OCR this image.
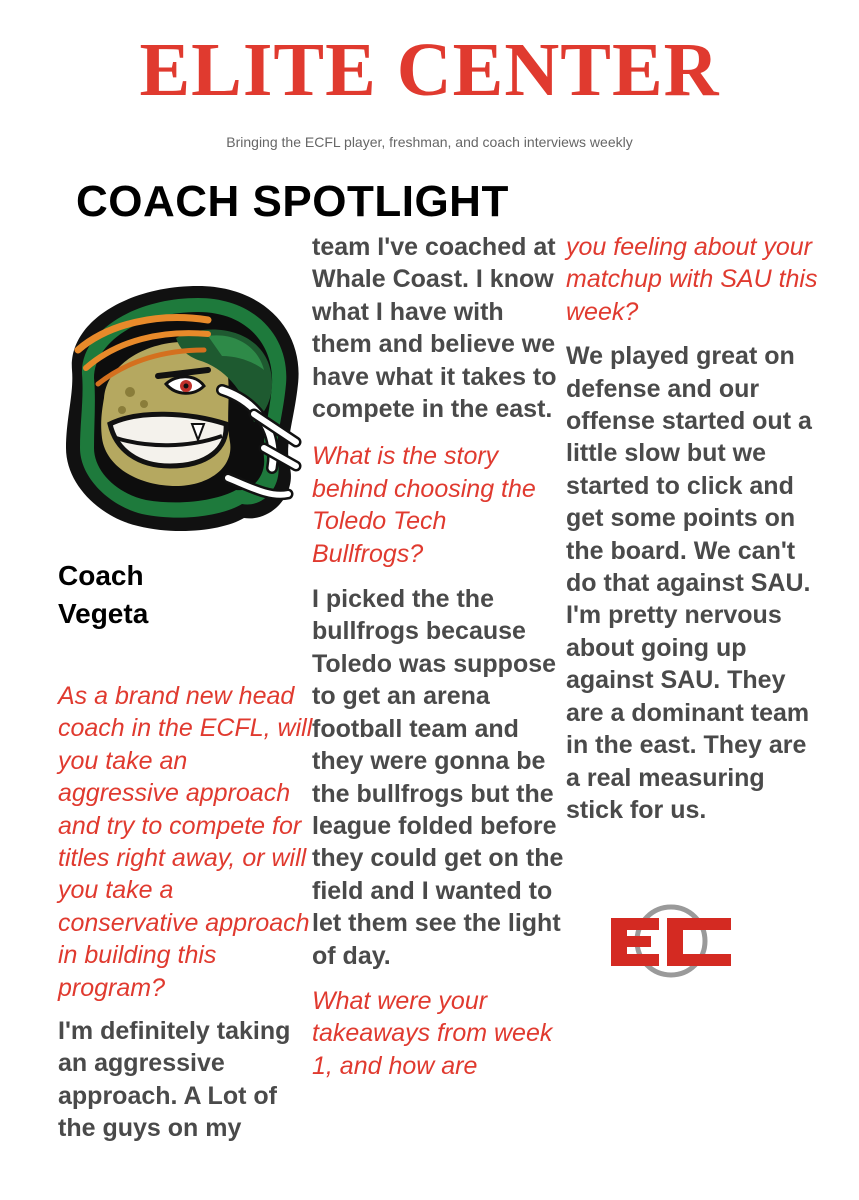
ELITE CENTER
Bringing the ECFL player, freshman, and coach interviews weekly
COACH SPOTLIGHT
Coach
Vegeta

As a brand new head coach in the ECFL, will you take an aggressive approach and try to compete for titles right away, or will you take a conservative approach in building this program?

I'm definitely taking an aggressive approach. A Lot of the guys on my

team I've coached at Whale Coast. I know what I have with them and believe we have what it takes to compete in the east.

What is the story behind choosing the Toledo Tech Bullfrogs?

I picked the the bullfrogs because Toledo was suppose to get an arena football team and they were gonna be the bullfrogs but the league folded before they could get on the field and I wanted to let them see the light of day.

What were your takeaways from week 1, and how are

you feeling about your matchup with SAU this week?

We played great on defense and our offense started out a little slow but we started to click and get some points on the board. We can't do that against SAU. I'm pretty nervous about going up against SAU. They are a dominant team in the east. They are a real measuring stick for us.

EC
